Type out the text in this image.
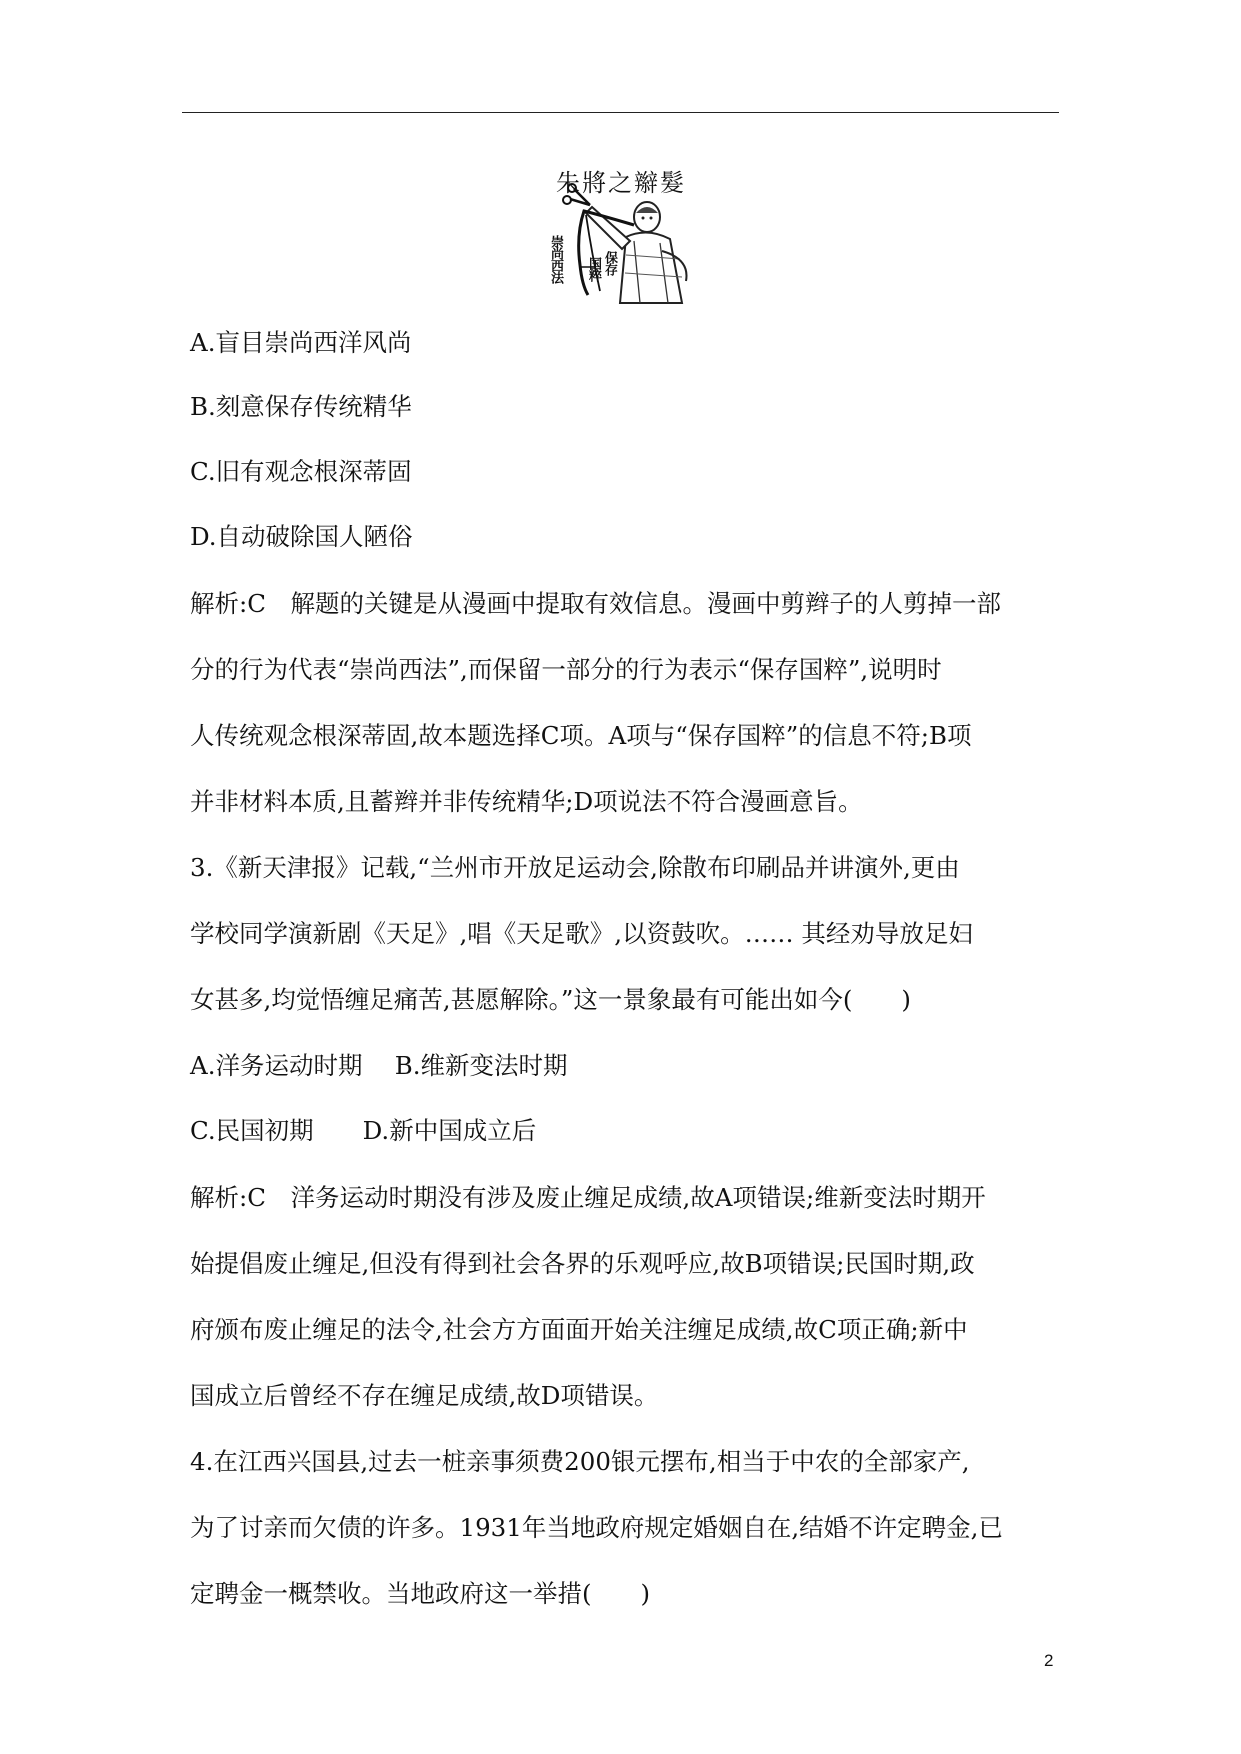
朱將之辮髮
崇尚西法 国粹 保存
A.盲目崇尚西洋风尚
B.刻意保存传统精华
C.旧有观念根深蒂固
D.自动破除国人陋俗
解析:C　解题的关键是从漫画中提取有效信息。漫画中剪辫子的人剪掉一部
分的行为代表“崇尚西法”,而保留一部分的行为表示“保存国粹”,说明时
人传统观念根深蒂固,故本题选择C项。A项与“保存国粹”的信息不符;B项
并非材料本质,且蓄辫并非传统精华;D项说法不符合漫画意旨。
3.《新天津报》记载,“兰州市开放足运动会,除散布印刷品并讲演外,更由
学校同学演新剧《天足》,唱《天足歌》,以资鼓吹。…… 其经劝导放足妇
女甚多,均觉悟缠足痛苦,甚愿解除。”这一景象最有可能出如今(　　)
A.洋务运动时期　 B.维新变法时期
C.民国初期　　D.新中国成立后
解析:C　洋务运动时期没有涉及废止缠足成绩,故A项错误;维新变法时期开
始提倡废止缠足,但没有得到社会各界的乐观呼应,故B项错误;民国时期,政
府颁布废止缠足的法令,社会方方面面开始关注缠足成绩,故C项正确;新中
国成立后曾经不存在缠足成绩,故D项错误。
4.在江西兴国县,过去一桩亲事须费200银元摆布,相当于中农的全部家产,
为了讨亲而欠债的许多。1931年当地政府规定婚姻自在,结婚不许定聘金,已
定聘金一概禁收。当地政府这一举措(　　)
2
